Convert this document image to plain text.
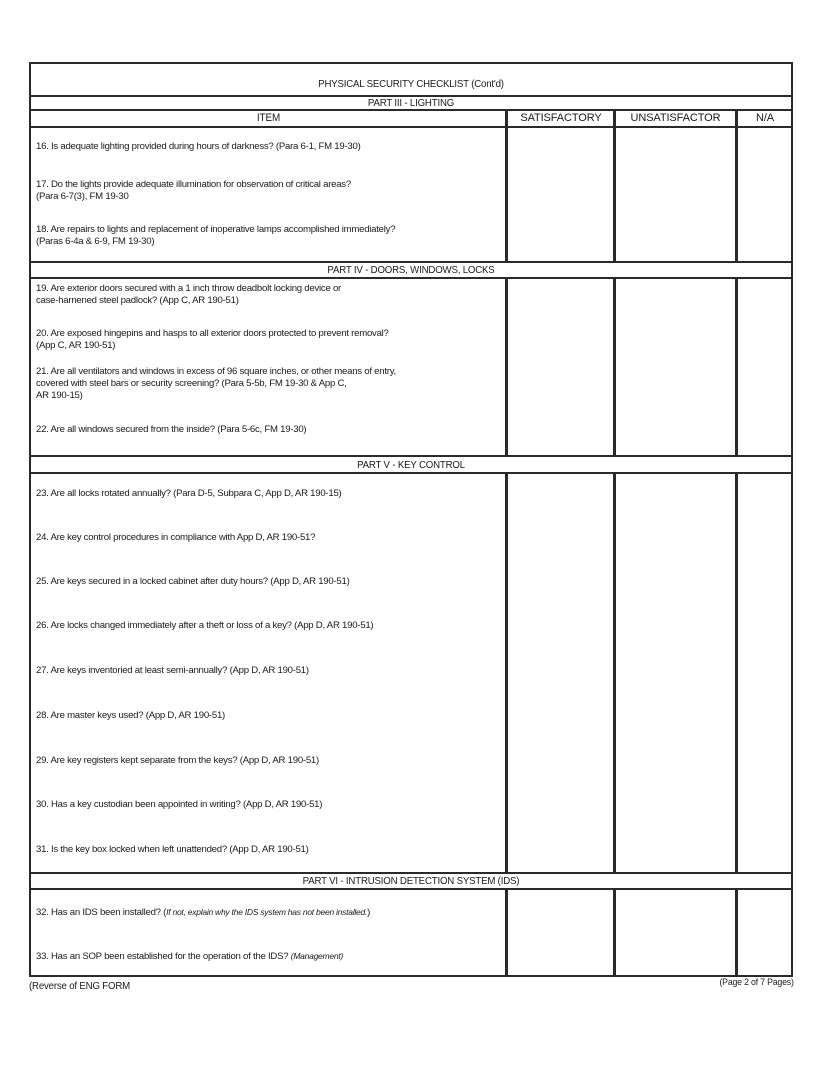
PHYSICAL SECURITY CHECKLIST (Cont'd)
PART III - LIGHTING
ITEM	SATISFACTORY	UNSATISFACTOR	N/A
16. Is adequate lighting provided during hours of darkness? (Para 6-1, FM 19-30)
17. Do the lights provide adequate illumination for observation of critical areas?
(Para 6-7(3), FM 19-30
18. Are repairs to lights and replacement of inoperative lamps accomplished immediately?
(Paras 6-4a & 6-9, FM 19-30)
PART IV - DOORS, WINDOWS, LOCKS
19. Are exterior doors secured with a 1 inch throw deadbolt locking device or
case-harnened steel padlock? (App C, AR 190-51)
20. Are exposed hingepins and hasps to all exterior doors protected to prevent removal?
(App C, AR 190-51)
21. Are all ventilators and windows in excess of 96 square inches, or other means of entry,
covered with steel bars or security screening? (Para 5-5b, FM 19-30 & App C,
AR 190-15)
22. Are all windows secured from the inside? (Para 5-6c, FM 19-30)
PART V - KEY CONTROL
23. Are all locks rotated annually? (Para D-5, Subpara C, App D, AR 190-15)
24. Are key control procedures in compliance with App D, AR 190-51?
25. Are keys secured in a locked cabinet after duty hours? (App D, AR 190-51)
26. Are locks changed immediately after a theft or loss of a key? (App D, AR 190-51)
27. Are keys inventoried at least semi-annually? (App D, AR 190-51)
28. Are master keys used? (App D, AR 190-51)
29. Are key registers kept separate from the keys? (App D, AR 190-51)
30. Has a key custodian been appointed in writing? (App D, AR 190-51)
31. Is the key box locked when left unattended? (App D, AR 190-51)
PART VI - INTRUSION DETECTION SYSTEM (IDS)
32. Has an IDS been installed? (If not, explain why the IDS system has not been installed.)
33. Has an SOP been established for the operation of the IDS? (Management)
(Reverse of ENG FORM	(Page 2 of 7 Pages)
